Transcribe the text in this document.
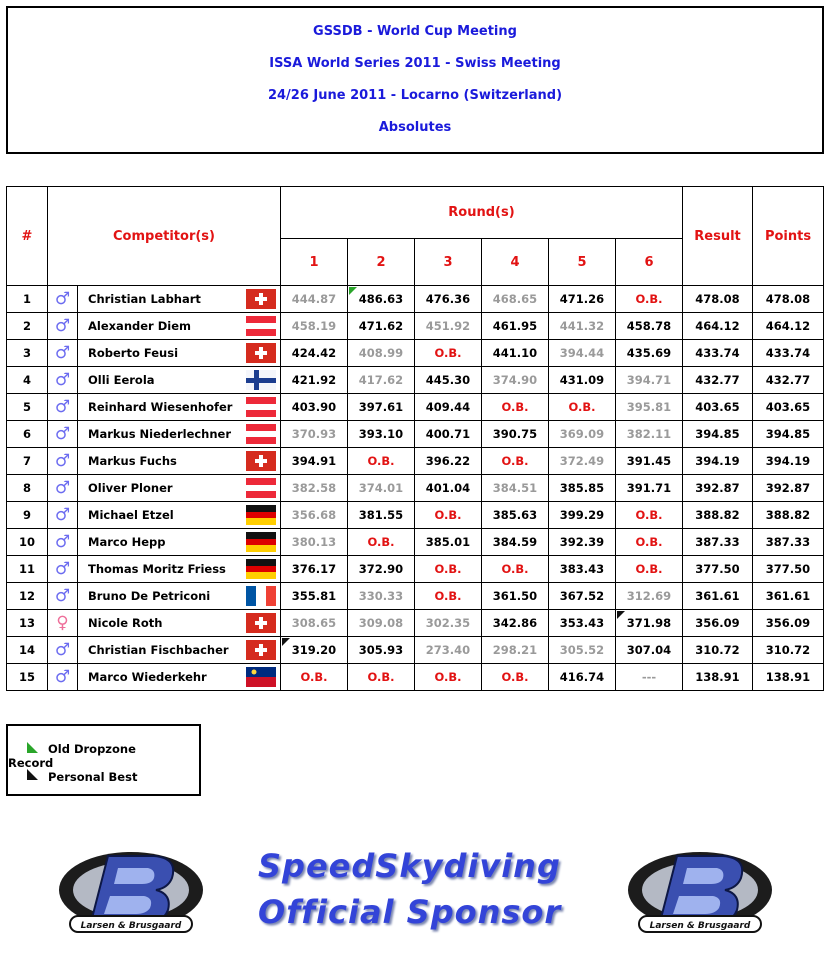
GSSDB - World Cup Meeting
ISSA World Series 2011 - Swiss Meeting
24/26 June 2011 - Locarno (Switzerland)
Absolutes
#	Competitor(s)			Round(s)						Result	Points
				1	2	3	4	5	6		
1	♂	Christian Labhart		444.87	486.63	476.36	468.65	471.26	O.B.	478.08	478.08
2	♂	Alexander Diem		458.19	471.62	451.92	461.95	441.32	458.78	464.12	464.12
3	♂	Roberto Feusi		424.42	408.99	O.B.	441.10	394.44	435.69	433.74	433.74
4	♂	Olli Eerola		421.92	417.62	445.30	374.90	431.09	394.71	432.77	432.77
5	♂	Reinhard Wiesenhofer		403.90	397.61	409.44	O.B.	O.B.	395.81	403.65	403.65
6	♂	Markus Niederlechner		370.93	393.10	400.71	390.75	369.09	382.11	394.85	394.85
7	♂	Markus Fuchs		394.91	O.B.	396.22	O.B.	372.49	391.45	394.19	394.19
8	♂	Oliver Ploner		382.58	374.01	401.04	384.51	385.85	391.71	392.87	392.87
9	♂	Michael Etzel		356.68	381.55	O.B.	385.63	399.29	O.B.	388.82	388.82
10	♂	Marco Hepp		380.13	O.B.	385.01	384.59	392.39	O.B.	387.33	387.33
11	♂	Thomas Moritz Friess		376.17	372.90	O.B.	O.B.	383.43	O.B.	377.50	377.50
12	♂	Bruno De Petriconi		355.81	330.33	O.B.	361.50	367.52	312.69	361.61	361.61
13	♀	Nicole Roth		308.65	309.08	302.35	342.86	353.43	371.98	356.09	356.09
14	♂	Christian Fischbacher		319.20	305.93	273.40	298.21	305.52	307.04	310.72	310.72
15	♂	Marco Wiederkehr		O.B.	O.B.	O.B.	O.B.	416.74	---	138.91	138.91
Old Dropzone
Record
Personal Best
Larsen & Brusgaard
SpeedSkydiving
Official Sponsor	Larsen & Brusgaard
